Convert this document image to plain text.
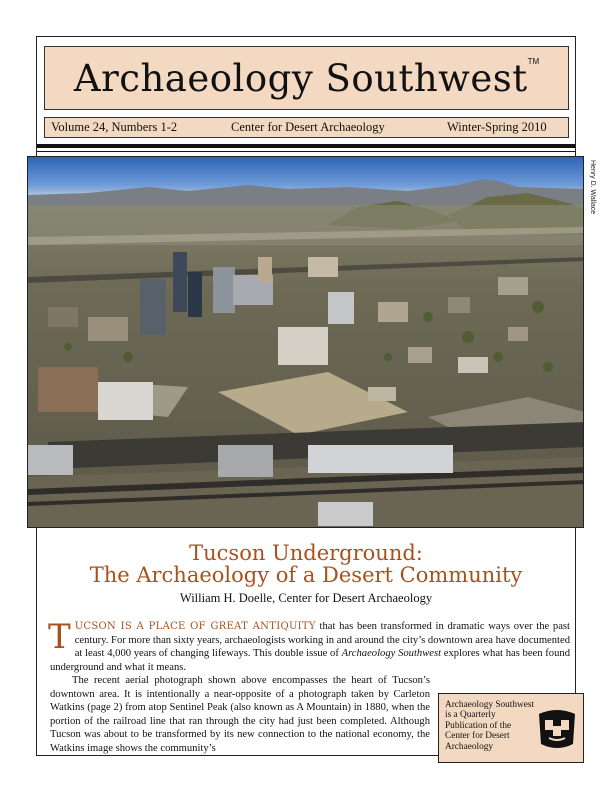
Archaeology Southwest™
Volume 24, Numbers 1-2	Center for Desert Archaeology	Winter-Spring 2010
Henry D. Wallace
Tucson Underground:
The Archaeology of a Desert Community
William H. Doelle, Center for Desert Archaeology

TUCSON IS A PLACE OF GREAT ANTIQUITY that has been transformed in dramatic ways over the past century. For more than sixty years, archaeologists working in and around the city’s downtown area have documented at least 4,000 years of changing lifeways. This double issue of Archaeology Southwest explores what has been found underground and what it means.

The recent aerial photograph shown above encompasses the heart of Tucson’s downtown area. It is intentionally a near-opposite of a photograph taken by Carleton Watkins (page 2) from atop Sentinel Peak (also known as A Mountain) in 1880, when the portion of the railroad line that ran through the city had just been completed. Although Tucson was about to be transformed by its new connection to the national economy, the Watkins image shows the community’s

Archaeology Southwest
is a Quarterly
Publication of the
Center for Desert
Archaeology
